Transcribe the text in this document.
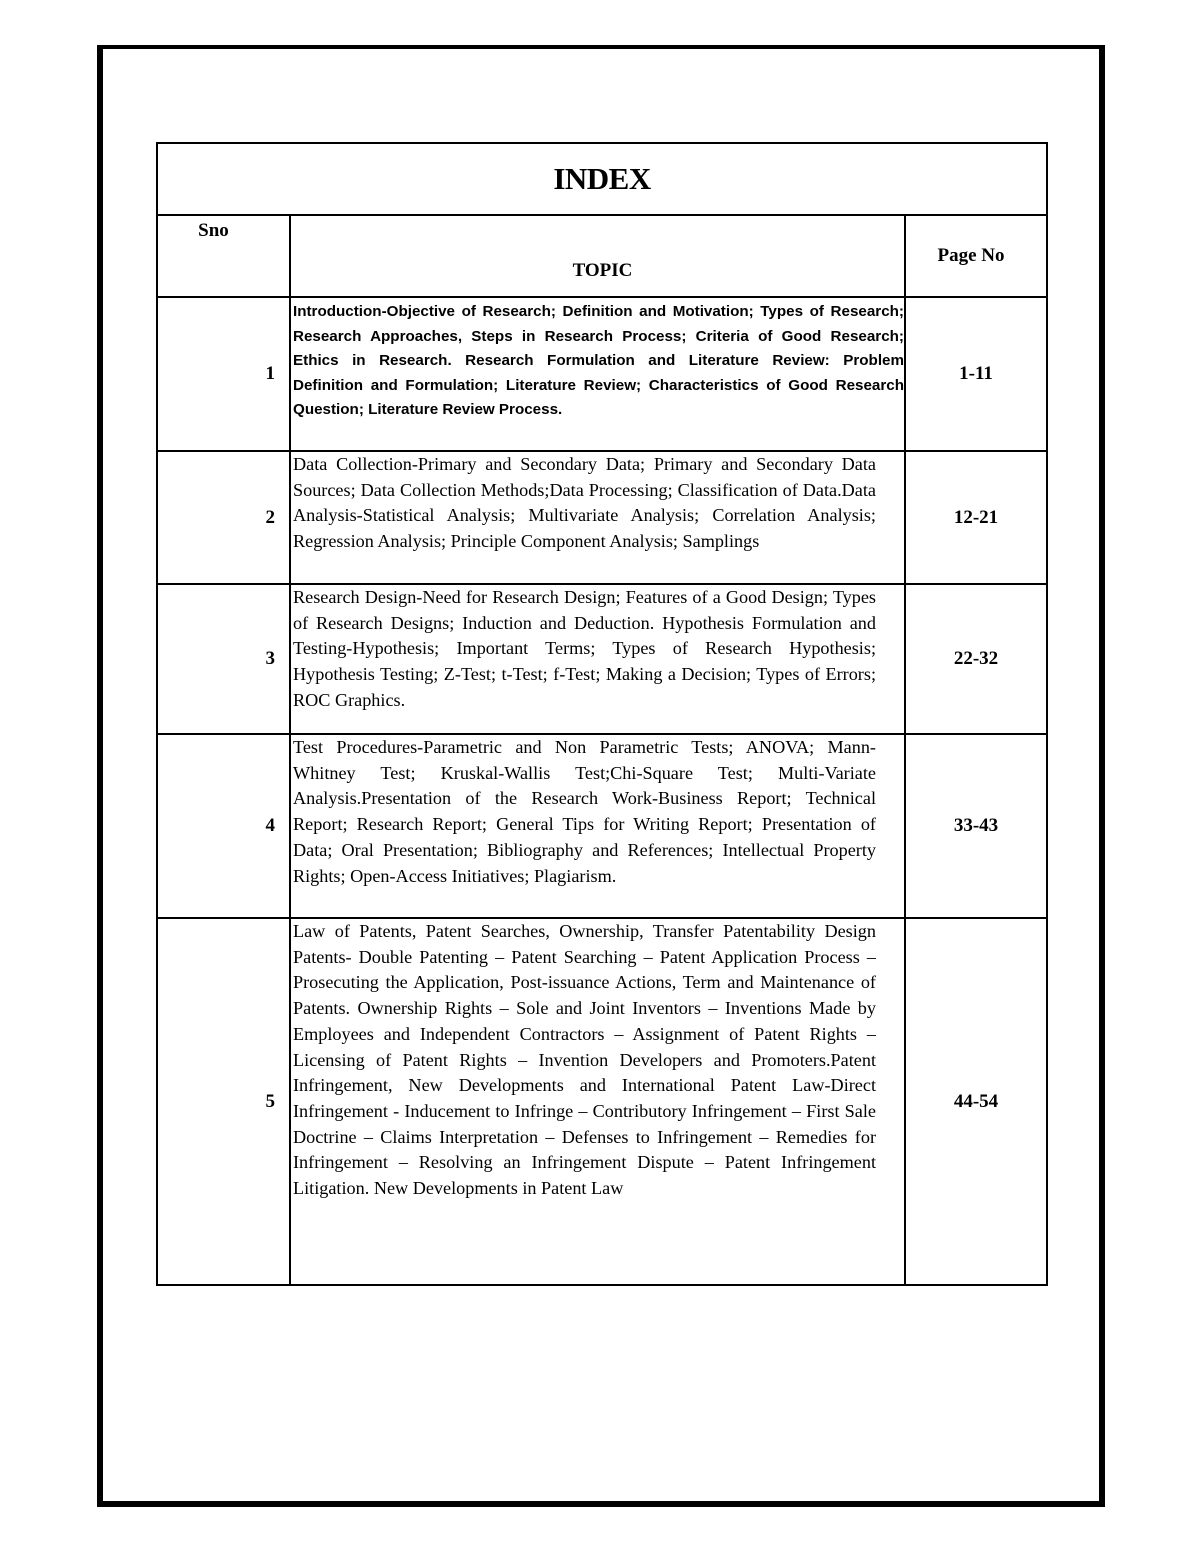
INDEX		
Sno	TOPIC	Page No
1	Introduction-Objective of Research; Definition and Motivation; Types of Research; Research Approaches, Steps in Research Process; Criteria of Good Research; Ethics in Research. Research Formulation and Literature Review: Problem Definition and Formulation; Literature Review; Characteristics of Good Research Question; Literature Review Process.	1-11
2	Data Collection-Primary and Secondary Data; Primary and Secondary Data Sources; Data Collection Methods;Data Processing; Classification of Data.Data Analysis-Statistical Analysis; Multivariate Analysis; Correlation Analysis; Regression Analysis; Principle Component Analysis; Samplings	12-21
3	Research Design-Need for Research Design; Features of a Good Design; Types of Research Designs; Induction and Deduction. Hypothesis Formulation and Testing-Hypothesis; Important Terms; Types of Research Hypothesis; Hypothesis Testing; Z-Test; t-Test; f-Test; Making a Decision; Types of Errors; ROC Graphics.	22-32
4	Test Procedures-Parametric and Non Parametric Tests; ANOVA; Mann-Whitney Test; Kruskal-Wallis Test;Chi-Square Test; Multi-Variate Analysis.Presentation of the Research Work-Business Report; Technical Report; Research Report; General Tips for Writing Report; Presentation of Data; Oral Presentation; Bibliography and References; Intellectual Property Rights; Open-Access Initiatives; Plagiarism.	33-43
5	Law of Patents, Patent Searches, Ownership, Transfer Patentability Design Patents- Double Patenting – Patent Searching – Patent Application Process – Prosecuting the Application, Post-issuance Actions, Term and Maintenance of Patents. Ownership Rights – Sole and Joint Inventors – Inventions Made by Employees and Independent Contractors – Assignment of Patent Rights – Licensing of Patent Rights – Invention Developers and Promoters.Patent Infringement, New Developments and International Patent Law-Direct Infringement - Inducement to Infringe – Contributory Infringement – First Sale Doctrine – Claims Interpretation – Defenses to Infringement – Remedies for Infringement – Resolving an Infringement Dispute – Patent Infringement Litigation. New Developments in Patent Law	44-54
